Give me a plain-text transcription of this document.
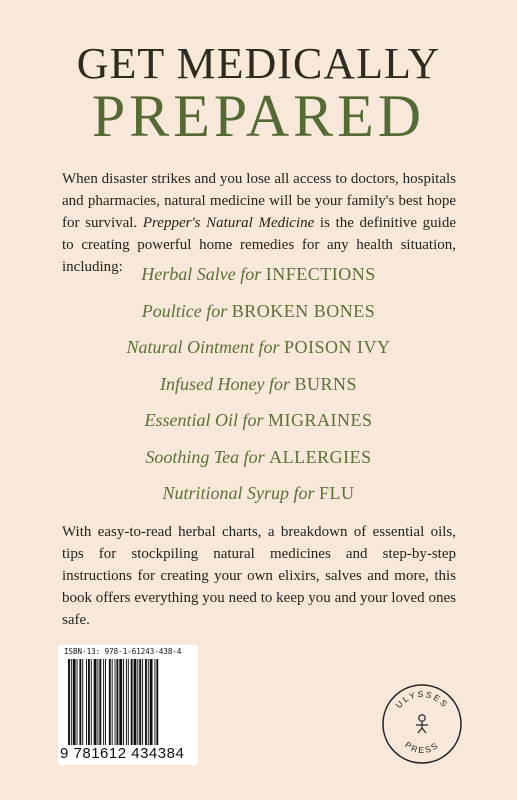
GET MEDICALLY
PREPARED
When disaster strikes and you lose all access to doctors, hospitals and pharmacies, natural medicine will be your family's best hope for survival. Prepper's Natural Medicine is the definitive guide to creating powerful home remedies for any health situation, including:	Herbal Salve for INFECTIONS
Poultice for BROKEN BONES
Natural Ointment for POISON IVY
Infused Honey for BURNS
Essential Oil for MIGRAINES
Soothing Tea for ALLERGIES
Nutritional Syrup for FLU
With easy-to-read herbal charts, a breakdown of essential oils, tips for stockpiling natural medicines and step-by-step instructions for creating your own elixirs, salves and more, this book offers everything you need to keep you and your loved ones safe.
ISBN-13: 978-1-61243-438-4
9 781612 434384
ULYSSES
PRESS
